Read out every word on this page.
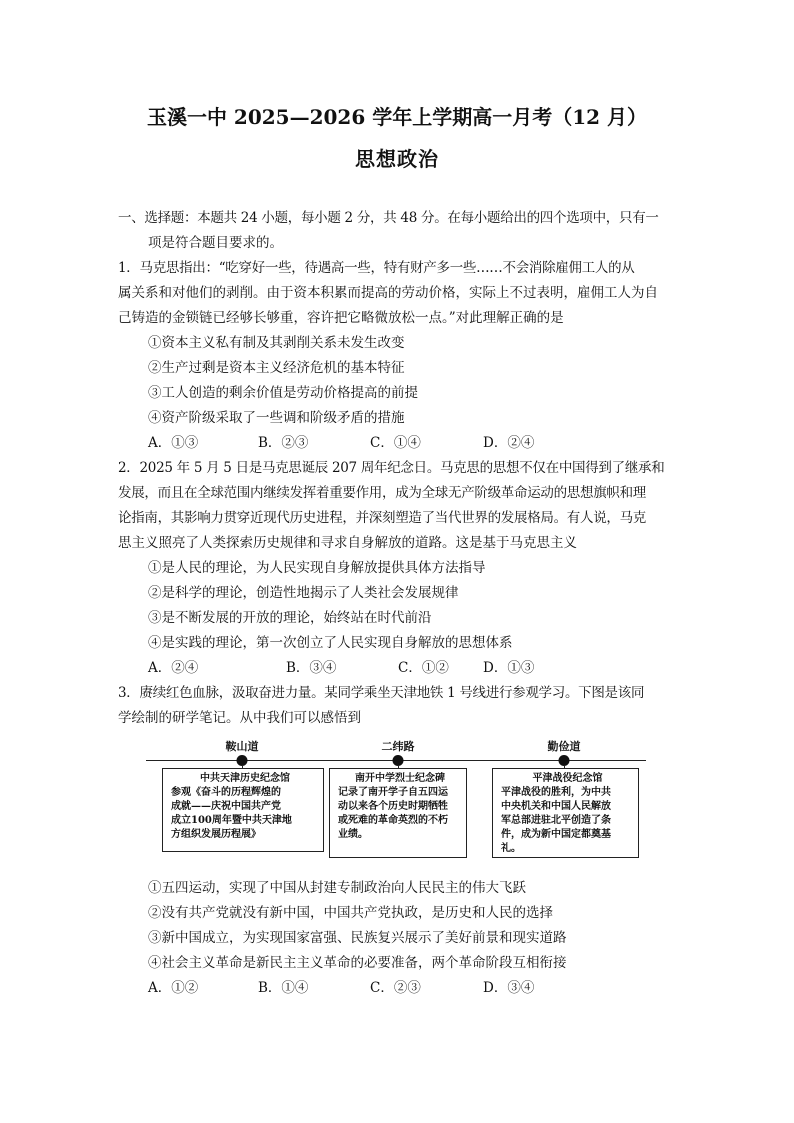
玉溪一中 2025—2026 学年上学期高一月考（12 月）
思想政治
一、选择题：本题共 24 小题，每小题 2 分，共 48 分。在每小题给出的四个选项中，只有一
项是符合题目要求的。
1．马克思指出：“吃穿好一些，待遇高一些，特有财产多一些……不会消除雇佣工人的从
属关系和对他们的剥削。由于资本积累而提高的劳动价格，实际上不过表明，雇佣工人为自
己铸造的金锁链已经够长够重，容许把它略微放松一点。”对此理解正确的是
①资本主义私有制及其剥削关系未发生改变
②生产过剩是资本主义经济危机的基本特征
③工人创造的剩余价值是劳动价格提高的前提
④资产阶级采取了一些调和阶级矛盾的措施
A．①③	B．②③	C．①④	D．②④
2．2025 年 5 月 5 日是马克思诞辰 207 周年纪念日。马克思的思想不仅在中国得到了继承和
发展，而且在全球范围内继续发挥着重要作用，成为全球无产阶级革命运动的思想旗帜和理
论指南，其影响力贯穿近现代历史进程，并深刻塑造了当代世界的发展格局。有人说，马克
思主义照亮了人类探索历史规律和寻求自身解放的道路。这是基于马克思主义
①是人民的理论，为人民实现自身解放提供具体方法指导
②是科学的理论，创造性地揭示了人类社会发展规律
③是不断发展的开放的理论，始终站在时代前沿
④是实践的理论，第一次创立了人民实现自身解放的思想体系
A．②④	B．③④	C．①②	D．①③
3．赓续红色血脉，汲取奋进力量。某同学乘坐天津地铁 1 号线进行参观学习。下图是该同
学绘制的研学笔记。从中我们可以感悟到
鞍山道
中共天津历史纪念馆
参观《奋斗的历程辉煌的
成就——庆祝中国共产党
成立100周年暨中共天津地
方组织发展历程展》
二纬路
南开中学烈士纪念碑
记录了南开学子自五四运
动以来各个历史时期牺牲
或死难的革命英烈的不朽
业绩。
勤俭道
平津战役纪念馆
平津战役的胜利，为中共
中央机关和中国人民解放
军总部进驻北平创造了条
件，成为新中国定都奠基
礼。
①五四运动，实现了中国从封建专制政治向人民民主的伟大飞跃
②没有共产党就没有新中国，中国共产党执政，是历史和人民的选择
③新中国成立，为实现国家富强、民族复兴展示了美好前景和现实道路
④社会主义革命是新民主主义革命的必要准备，两个革命阶段互相衔接
A．①②	B．①④	C．②③	D．③④
